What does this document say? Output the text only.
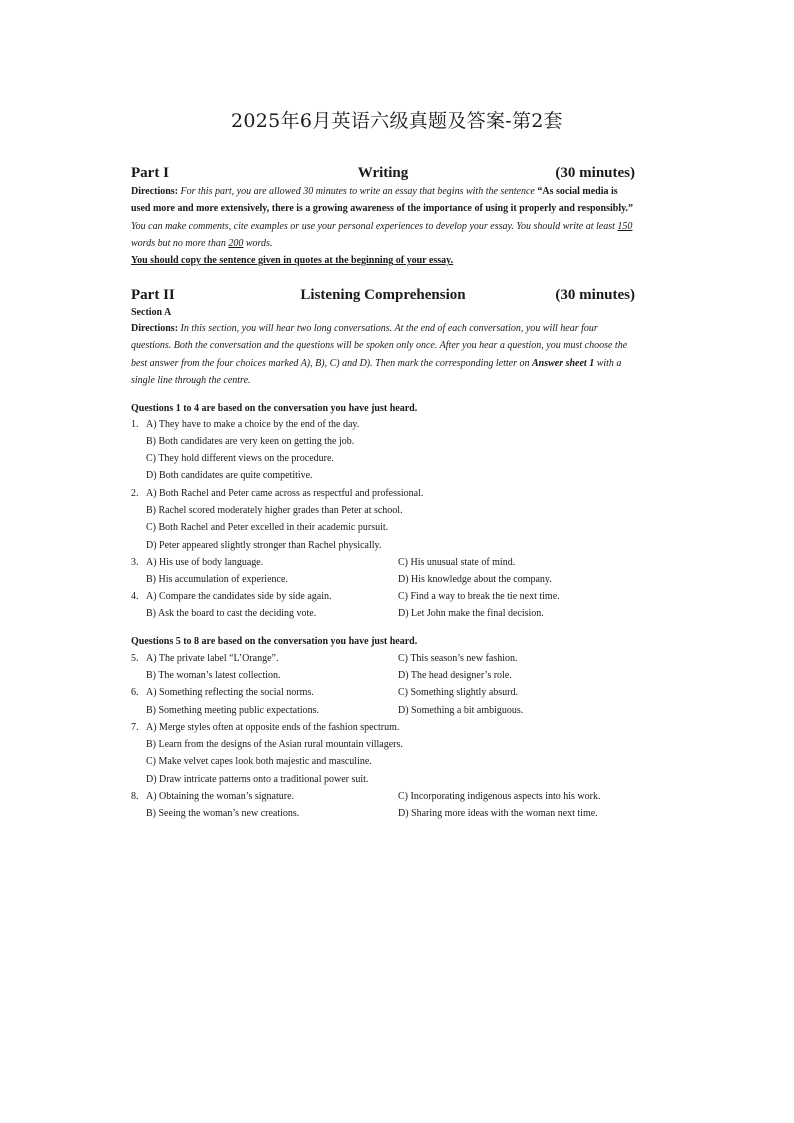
2025年6月英语六级真题及答案-第2套
Part I	Writing	(30 minutes)
Directions: For this part, you are allowed 30 minutes to write an essay that begins with the sentence “As social media is used more and more extensively, there is a growing awareness of the importance of using it properly and responsibly.” You can make comments, cite examples or use your personal experiences to develop your essay. You should write at least 150 words but no more than 200 words.
You should copy the sentence given in quotes at the beginning of your essay.
Part II	Listening Comprehension	(30 minutes)
Section A
Directions: In this section, you will hear two long conversations. At the end of each conversation, you will hear four questions. Both the conversation and the questions will be spoken only once. After you hear a question, you must choose the best answer from the four choices marked A), B), C) and D). Then mark the corresponding letter on Answer sheet 1 with a single line through the centre.
Questions 1 to 4 are based on the conversation you have just heard.
1. A) They have to make a choice by the end of the day.
B) Both candidates are very keen on getting the job.
C) They hold different views on the procedure.
D) Both candidates are quite competitive.
2. A) Both Rachel and Peter came across as respectful and professional.
B) Rachel scored moderately higher grades than Peter at school.
C) Both Rachel and Peter excelled in their academic pursuit.
D) Peter appeared slightly stronger than Rachel physically.
3. A) His use of body language.	C) His unusual state of mind.
B) His accumulation of experience.	D) His knowledge about the company.
4. A) Compare the candidates side by side again.	C) Find a way to break the tie next time.
B) Ask the board to cast the deciding vote.	D) Let John make the final decision.
Questions 5 to 8 are based on the conversation you have just heard.
5. A) The private label “L’Orange”.	C) This season’s new fashion.
B) The woman’s latest collection.	D) The head designer’s role.
6. A) Something reflecting the social norms.	C) Something slightly absurd.
B) Something meeting public expectations.	D) Something a bit ambiguous.
7. A) Merge styles often at opposite ends of the fashion spectrum.
B) Learn from the designs of the Asian rural mountain villagers.
C) Make velvet capes look both majestic and masculine.
D) Draw intricate patterns onto a traditional power suit.
8. A) Obtaining the woman’s signature.	C) Incorporating indigenous aspects into his work.
B) Seeing the woman’s new creations.	D) Sharing more ideas with the woman next time.
